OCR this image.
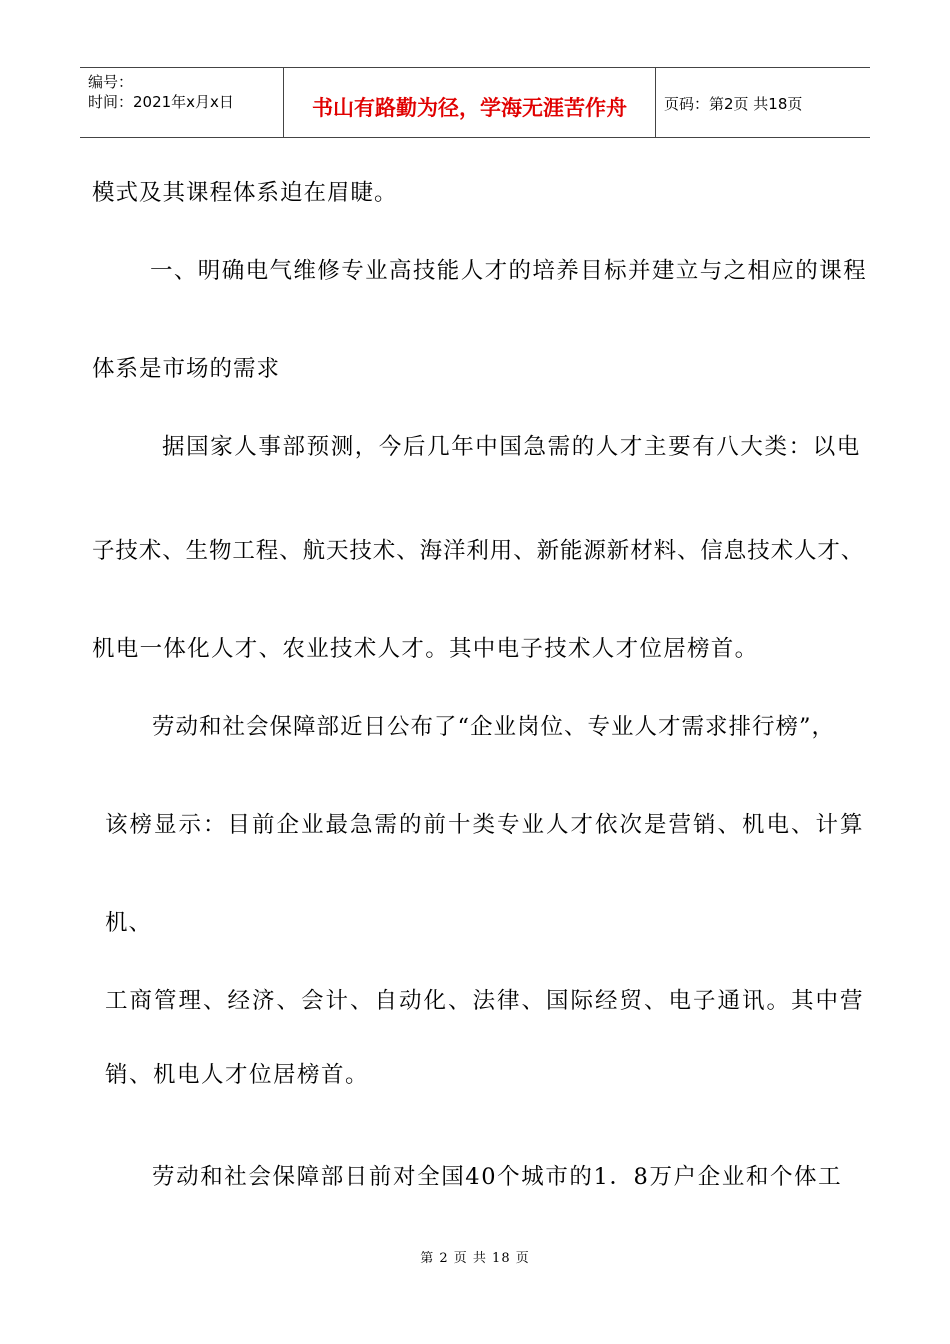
编号：
时间：2021年x月x日	书山有路勤为径，学海无涯苦作舟	页码：第2页 共18页
模式及其课程体系迫在眉睫。
一、明确电气维修专业高技能人才的培养目标并建立与之相应的课程
体系是市场的需求
据国家人事部预测，今后几年中国急需的人才主要有八大类：以电
子技术、生物工程、航天技术、海洋利用、新能源新材料、信息技术人才、
机电一体化人才、农业技术人才。其中电子技术人才位居榜首。
劳动和社会保障部近日公布了“企业岗位、专业人才需求排行榜”，
该榜显示：目前企业最急需的前十类专业人才依次是营销、机电、计算
机、
工商管理、经济、会计、自动化、法律、国际经贸、电子通讯。其中营
销、机电人才位居榜首。
劳动和社会保障部日前对全国40个城市的1．8万户企业和个体工
第 2 页 共 18 页
